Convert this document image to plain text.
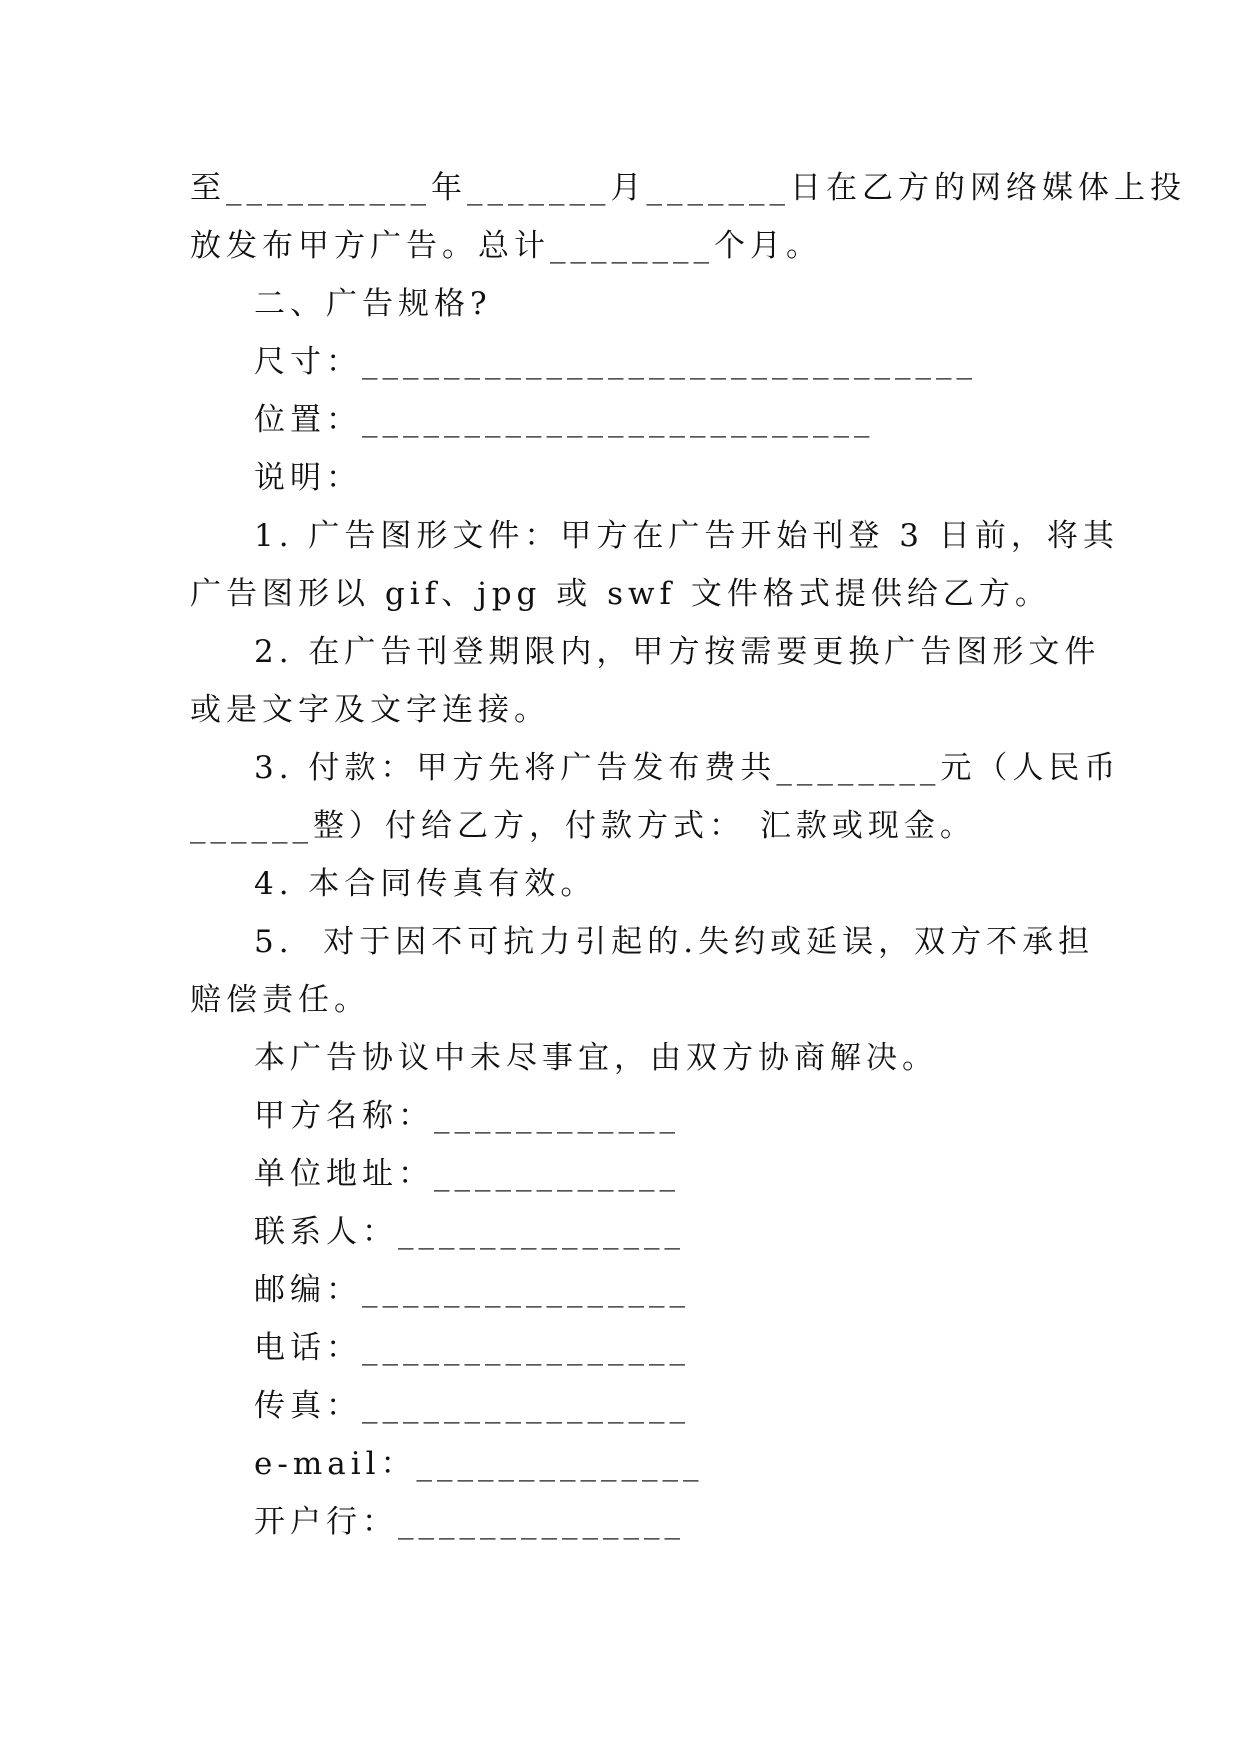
至__________年_______月_______日在乙方的网络媒体上投
放发布甲方广告。总计________个月。
二、广告规格?
尺寸：______________________________
位置：_________________________
说明：
1. 广告图形文件：甲方在广告开始刊登 3 日前，将其
广告图形以 gif、jpg 或 swf 文件格式提供给乙方。
2. 在广告刊登期限内，甲方按需要更换广告图形文件
或是文字及文字连接。
3. 付款：甲方先将广告发布费共________元（人民币
______整）付给乙方，付款方式： 汇款或现金。
4. 本合同传真有效。
5.  对于因不可抗力引起的.失约或延误，双方不承担
赔偿责任。
本广告协议中未尽事宜，由双方协商解决。
甲方名称：____________
单位地址：____________
联系人：______________
邮编：________________
电话：________________
传真：________________
e-mail：______________
开户行：______________
